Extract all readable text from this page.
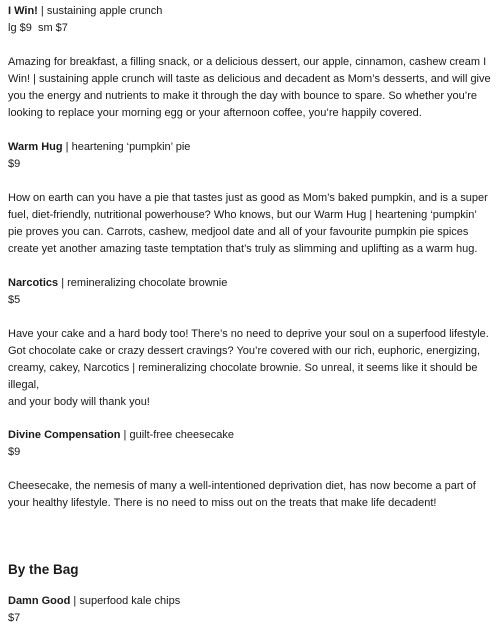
I Win! | sustaining apple crunch

lg $9  sm $7

Amazing for breakfast, a filling snack, or a delicious dessert, our apple, cinnamon, cashew cream I Win! | sustaining apple crunch will taste as delicious and decadent as Mom’s desserts, and will give you the energy and nutrients to make it through the day with bounce to spare. So whether you’re looking to replace your morning egg or your afternoon coffee, you’re happily covered.

Warm Hug | heartening ‘pumpkin’ pie

$9

How on earth can you have a pie that tastes just as good as Mom’s baked pumpkin, and is a super fuel, diet-friendly, nutritional powerhouse? Who knows, but our Warm Hug | heartening ‘pumpkin’ pie proves you can. Carrots, cashew, medjool date and all of your favourite pumpkin pie spices create yet another amazing taste temptation that’s truly as slimming and uplifting as a warm hug.

Narcotics | remineralizing chocolate brownie

$5

Have your cake and a hard body too! There’s no need to deprive your soul on a superfood lifestyle. Got chocolate cake or crazy dessert cravings? You’re covered with our rich, euphoric, energizing, creamy, cakey, Narcotics | remineralizing chocolate brownie. So unreal, it seems like it should be illegal,
and your body will thank you!

Divine Compensation | guilt-free cheesecake

$9

Cheesecake, the nemesis of many a well-intentioned deprivation diet, has now become a part of your healthy lifestyle. There is no need to miss out on the treats that make life decadent!

By the Bag

Damn Good | superfood kale chips

$7
